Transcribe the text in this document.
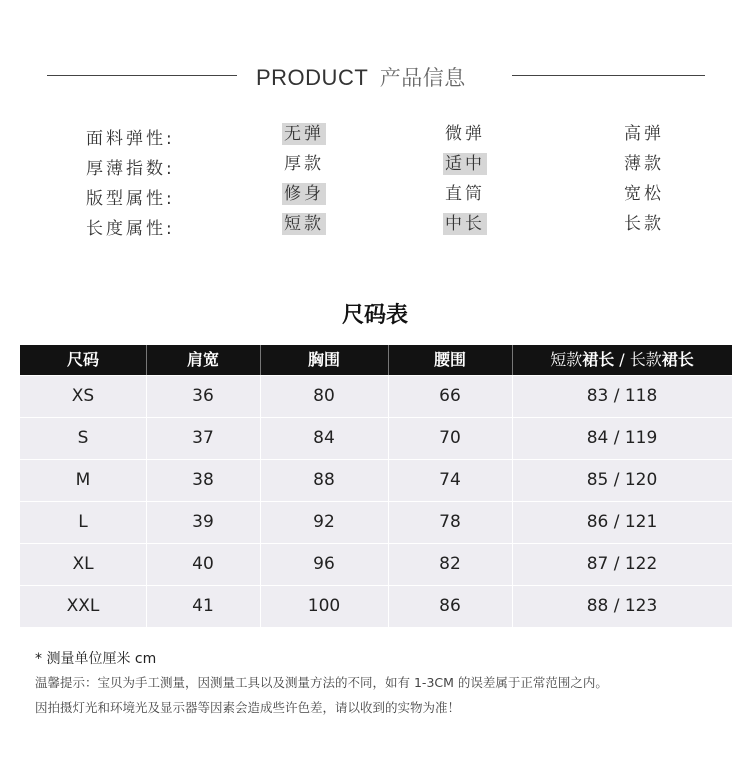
PRODUCT 产品信息
面料弹性:	无弹	微弹	高弹
厚薄指数:	厚款	适中	薄款
版型属性:	修身	直筒	宽松
长度属性:	短款	中长	长款
尺码表
尺码	肩宽	胸围	腰围	短款裙长 / 长款裙长
XS	36	80	66	83 / 118
S	37	84	70	84 / 119
M	38	88	74	85 / 120
L	39	92	78	86 / 121
XL	40	96	82	87 / 122
XXL	41	100	86	88 / 123
* 测量单位厘米 cm
温馨提示：宝贝为手工测量，因测量工具以及测量方法的不同，如有 1-3CM 的误差属于正常范围之内。
因拍摄灯光和环境光及显示器等因素会造成些许色差，请以收到的实物为准！
